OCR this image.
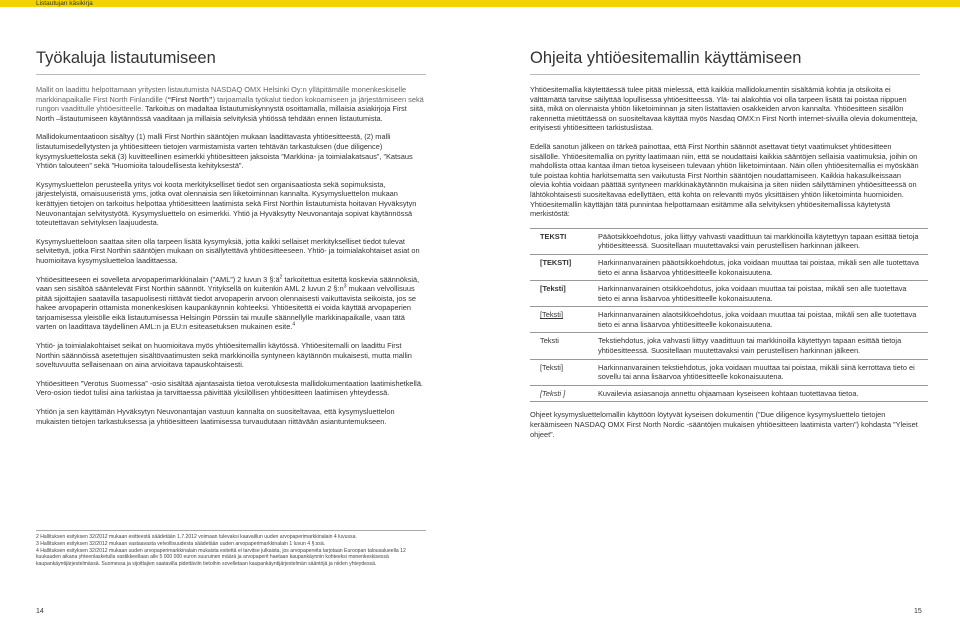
Listautujan käsikirja
Työkaluja listautumiseen

Mallit on laadittu helpottamaan yritysten listautumista NASDAQ OMX Helsinki Oy:n ylläpitämälle monenkeskiselle markkinapaikalle First North Finlandille (“First North”) tarjoamalla työkalut tiedon kokoamiseen ja järjestämiseen sekä rungon vaadittulle yhtiöesitteelle. Tarkoitus on madaltaa listautumiskynnystä osoittamalla, millaisia asiakirjoja First North –listautumiseen käytännössä vaaditaan ja millaisia selvityksiä yhtiössä tehdään ennen listautumista.

Mallidokumentaatioon sisältyy (1) malli First Northin sääntöjen mukaan laadittavasta yhtiöesitteestä, (2) malli listautumisedellytysten ja yhtiöesitteen tietojen varmistamista varten tehtävän tarkastuksen (due diligence) kysymysluettelosta sekä (3) kuvitteellinen esimerkki yhtiöesitteen jaksoista ”Markkina- ja toimialakatsaus”, ”Katsaus Yhtiön talouteen” sekä ”Huomioita taloudellisesta kehityksestä”.

Kysymysluettelon perusteella yritys voi koota merkitykselliset tiedot sen organisaatiosta sekä sopimuksista, järjestelyistä, omaisuuseristä yms, jotka ovat olennaisia sen liiketoiminnan kannalta. Kysymysluettelon mukaan kerättyjen tietojen on tarkoitus helpottaa yhtiöesitteen laatimista sekä First Northin listautumista hoitavan Hyväksytyn Neuvonantajan selvitystyötä. Kysymysluettelo on esimerkki. Yhtiö ja Hyväksytty Neuvonantaja sopivat käytännössä toteutettavan selvityksen laajuudesta.

Kysymysluetteloon saattaa siten olla tarpeen lisätä kysymyksiä, jotta kaikki sellaiset merkitykselliset tiedot tulevat selvitettyä, jotka First Northin sääntöjen mukaan on sisällytettävä yhtiöesitteeseen. Yhtiö- ja toimialakohtaiset asiat on huomioitava kysymysluetteloa laadittaessa.

Yhtiöesitteeseen ei sovelleta arvopaperimarkkinalain (”AML”) 2 luvun 3 $\S:ä^2$ tarkoitettua esitettä koskevia säännöksiä, vaan sen sisältöä sääntelevät First Northin säännöt. Yrityksellä on kuitenkin AML 2 luvun 2 $\S:n^3$ mukaan velvollisuus pitää sijoittajien saatavilla tasapuolisesti riittävät tiedot arvopaperin arvoon olennaisesti vaikuttavista seikoista, jos se hakee arvopaperin ottamista monenkeskisen kaupankäynnin kohteeksi. Yhtiöesitettä ei voida käyttää arvopaperien tarjoamisessa yleisölle eikä listautumisessa Helsingin Pörssiin tai muulle säännellylle markkinapaikalle, vaan tätä varten on laadittava täydellinen AML:n ja EU:n esiteasetuksen mukainen esite.$^4$

Yhtiö- ja toimialakohtaiset seikat on huomioitava myös yhtiöesitemallin käytössä. Yhtiöesitemalli on laadittu First Northin säännöissä asetettujen sisältövaatimusten sekä markkinoilla syntyneen käytännön mukaisesti, mutta mallin soveltuvuutta sellaisenaan on aina arvioitava tapauskohtaisesti.

Yhtiöesitteen ”Verotus Suomessa” -osio sisältää ajantasaista tietoa verotuksesta mallidokumentaation laatimishetkellä. Vero-osion tiedot tulisi aina tarkistaa ja tarvittaessa päivittää yksilöllisen yhtiöesitteen laatimisen yhteydessä.

Yhtiön ja sen käyttämän Hyväksytyn Neuvonantajan vastuun kannalta on suositeltavaa, että kysymysluettelon mukaisten tietojen tarkastuksessa ja yhtiöesitteen laatimisessa turvaudutaan riittävään asiantuntemukseen.

2 Hallituksen esityksen 32/2012 mukaan esitteestä säädetään 1.7.2012 voimaan tulevaksi kaavaillun uuden arvopaperimarkkinalain 4 luvussa.

3 Hallituksen esityksen 32/2012 mukaan vastaavasta velvollisuudesta säädetään uuden arvopaperimarkkinalain 1 luvun 4 §:ssä.

4 Hallituksen esityksen 32/2012 mukaan uuden arvopaperimarkkinalain mukaista esitettä ei tarvitse julkaista, jos arvopapereita tarjotaan Euroopan talousalueella 12 kuukauden aikana yhteenlasketulla vastikkeellaan alle 5 000 000 euron suuruinen määrä ja arvopaperit haetaan kaupankäynnin kohteeksi monenkeskisessä kaupankäyntijärjestelmässä. Suomessa ja sijoittajien saatavilla pidettäviin tietoihin sovelletaan kaupankäyntijärjestelmän sääntöjä ja niiden yhteydessä.

Ohjeita yhtiöesitemallin käyttämiseen

Yhtiöesitemallia käytettäessä tulee pitää mielessä, että kaikkia mallidokumentin sisältämiä kohtia ja otsikoita ei välttämättä tarvitse säilyttää lopullisessa yhtiöesitteessä. Ylä- tai alakohtia voi olla tarpeen lisätä tai poistaa riippuen siitä, mikä on olennaista yhtiön liiketoiminnan ja siten listattavien osakkeiden arvon kannalta. Yhtiöesitteen sisällön rakennetta mietittäessä on suositeltavaa käyttää myös Nasdaq OMX:n First North internet-sivuilla olevia dokumentteja, erityisesti yhtiöesitteen tarkistuslistaa.

Edellä sanotun jälkeen on tärkeä painottaa, että First Northin säännöt asettavat tietyt vaatimukset yhtiöesitteen sisällölle. Yhtiöesitemallia on pyritty laatimaan niin, että se noudattaisi kaikkia sääntöjen sellaisia vaatimuksia, joihin on mahdollista ottaa kantaa ilman tietoa kyseiseen tulevaan yhtiön liiketoimintaan. Näin ollen yhtiöesitemallia ei myöskään tule poistaa kohtia harkitsematta sen vaikutusta First Northin sääntöjen noudattamiseen. Kaikkia hakasulkeissaan olevia kohtia voidaan päättää syntyneen markkinakäytännön mukaisina ja siten niiden säilyttäminen yhtiöesitteessä on lähtökohtaisesti suositeltavaa edellyttäen, että kohta on relevantti myös yksittäisen yhtiön liiketoiminta huomioiden. Yhtiöesitemallin käyttäjän tätä punnintaa helpottamaan esitämme alla selvityksen yhtiöesitemallissa käytetystä merkistöstä:

TEKSTI	Pääotsikkoehdotus, joka liittyy vahvasti vaadittuun tai markkinoilla käytettyyn tapaan esittää tietoja yhtiöesitteessä. Suositellaan muutettavaksi vain perustellisen harkinnan jälkeen.
[TEKSTI]	Harkinnanvarainen pääotsikkoehdotus, joka voidaan muuttaa tai poistaa, mikäli sen alle tuotettava tieto ei anna lisäarvoa yhtiöesitteelle kokonaisuutena.
[Teksti]	Harkinnanvarainen otsikkoehdotus, joka voidaan muuttaa tai poistaa, mikäli sen alle tuotettava tieto ei anna lisäarvoa yhtiöesitteelle kokonaisuutena.
[Teksti]	Harkinnanvarainen alaotsikkoehdotus, joka voidaan muuttaa tai poistaa, mikäli sen alle tuotettava tieto ei anna lisäarvoa yhtiöesitteelle kokonaisuutena.
Teksti	Tekstiehdotus, joka vahvasti liittyy vaadittuun tai markkinoilla käytettyyn tapaan esittää tietoja yhtiöesitteessä. Suositellaan muutettavaksi vain perustellisen harkinnan jälkeen.
[Teksti]	Harkinnanvarainen tekstiehdotus, joka voidaan muuttaa tai poistaa, mikäli siinä kerrottava tieto ei sovellu tai anna lisäarvoa yhtiöesitteelle kokonaisuutena.
[Teksti ]	Kuvailevia asiasanoja annettu ohjaamaan kyseiseen kohtaan tuotettavaa tietoa.

Ohjeet kysymysluettelomallin käyttöön löytyvät kyseisen dokumentin (”Due diligence kysymysluettelo tietojen keräämiseen NASDAQ OMX First North Nordic -sääntöjen mukaisen yhtiöesitteen laatimista varten”) kohdasta ”Yleiset ohjeet”.

14	15
